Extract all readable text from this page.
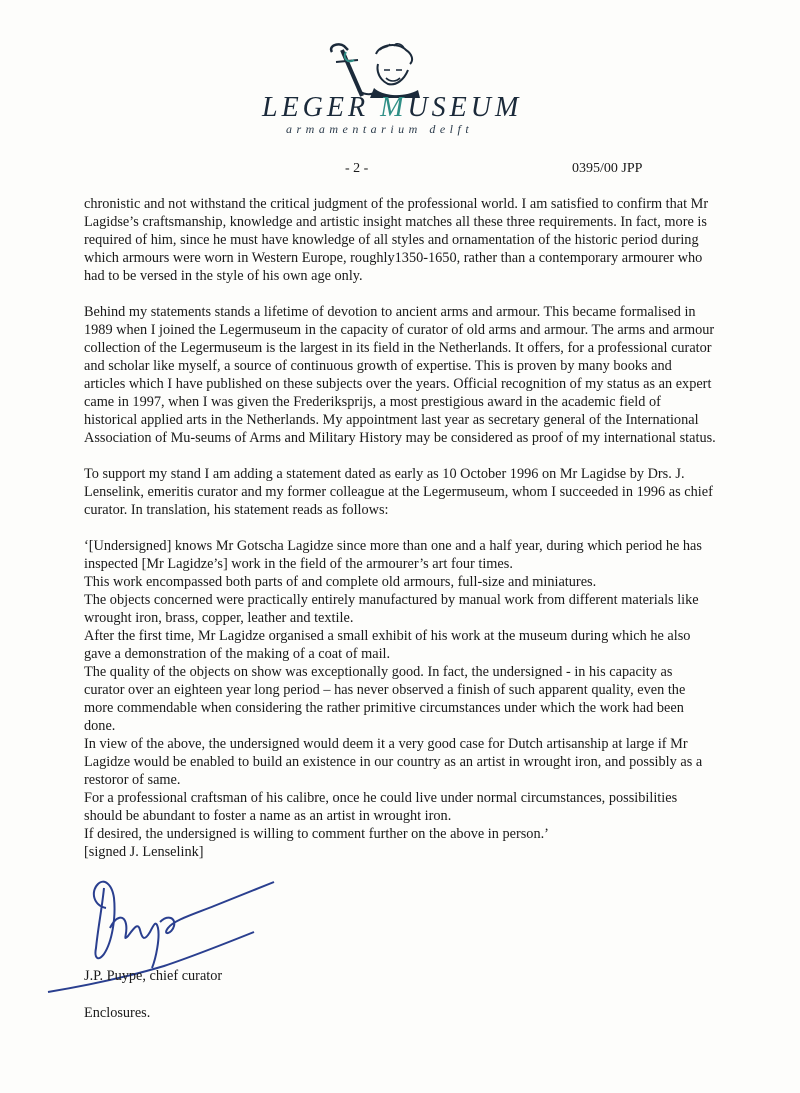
LEGER MUSEUM
armamentarium delft
- 2 -	0395/00 JPP

chronistic and not withstand the critical judgment of the professional world. I am satisfied to confirm that Mr Lagidse’s craftsmanship, knowledge and artistic insight matches all these three requirements. In fact, more is required of him, since he must have knowledge of all styles and ornamentation of the historic period during which armours were worn in Western Europe, roughly1350-1650, rather than a contemporary armourer who had to be versed in the style of his own age only.

Behind my statements stands a lifetime of devotion to ancient arms and armour. This became formalised in 1989 when I joined the Legermuseum in the capacity of curator of old arms and armour. The arms and armour collection of the Legermuseum is the largest in its field in the Netherlands. It offers, for a professional curator and scholar like myself, a source of continuous growth of expertise. This is proven by many books and articles which I have published on these subjects over the years. Official recognition of my status as an expert came in 1997, when I was given the Frederiksprijs, a most prestigious award in the academic field of historical applied arts in the Netherlands. My appointment last year as secretary general of the International Association of Mu-seums of Arms and Military History may be considered as proof of my international status.

To support my stand I am adding a statement dated as early as 10 October 1996 on Mr Lagidse by Drs. J. Lenselink, emeritis curator and my former colleague at the Legermuseum, whom I succeeded in 1996 as chief curator. In translation, his statement reads as follows:

‘[Undersigned] knows Mr Gotscha Lagidze since more than one and a half year, during which period he has inspected [Mr Lagidze’s] work in the field of the armourer’s art four times.

This work encompassed both parts of and complete old armours, full-size and miniatures.

The objects concerned were practically entirely manufactured by manual work from different materials like wrought iron, brass, copper, leather and textile.

After the first time, Mr Lagidze organised a small exhibit of his work at the museum during which he also gave a demonstration of the making of a coat of mail.

The quality of the objects on show was exceptionally good. In fact, the undersigned - in his capacity as curator over an eighteen year long period – has never observed a finish of such apparent quality, even the more commendable when considering the rather primitive circumstances under which the work had been done.

In view of the above, the undersigned would deem it a very good case for Dutch artisanship at large if Mr Lagidze would be enabled to build an existence in our country as an artist in wrought iron, and possibly as a restoror of same.

For a professional craftsman of his calibre, once he could live under normal circumstances, possibilities should be abundant to foster a name as an artist in wrought iron.

If desired, the undersigned is willing to comment further on the above in person.’

[signed J. Lenselink]

J.P. Puype, chief curator
Enclosures.
